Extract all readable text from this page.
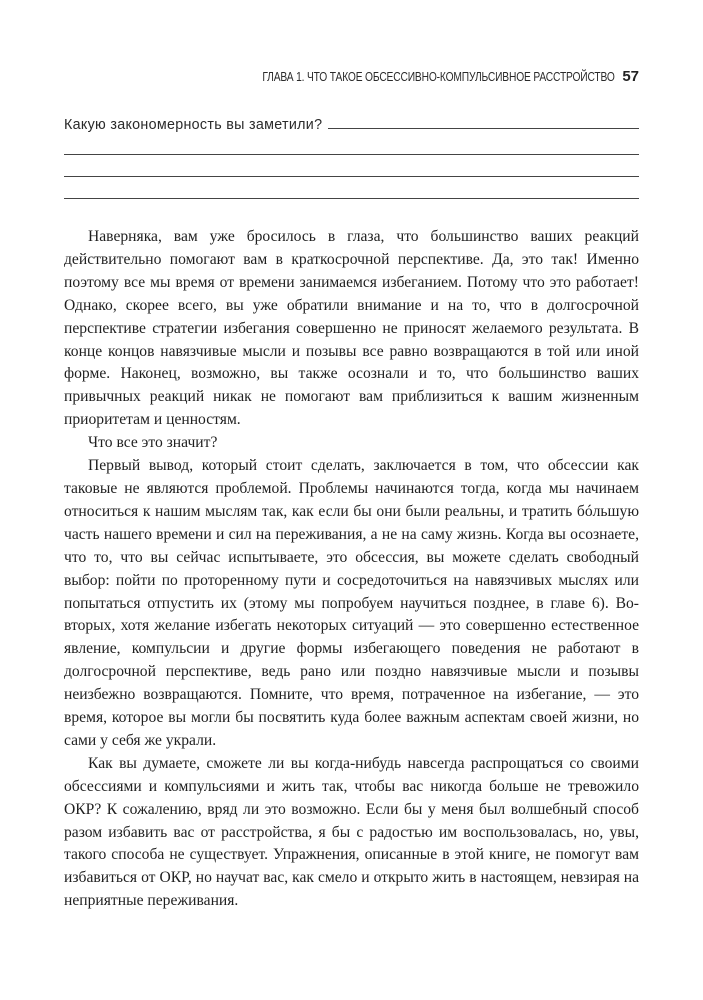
ГЛАВА 1. ЧТО ТАКОЕ ОБСЕССИВНО-КОМПУЛЬСИВНОЕ РАССТРОЙСТВО 57
Какую закономерность вы заметили?

Наверняка, вам уже бросилось в глаза, что большинство ваших реакций действительно помогают вам в краткосрочной перспективе. Да, это так! Именно поэтому все мы время от времени занимаемся избеганием. Потому что это работает! Однако, скорее всего, вы уже обратили внимание и на то, что в долгосрочной перспективе стратегии избегания совершенно не приносят желаемого результата. В конце концов навязчивые мысли и позывы все равно возвращаются в той или иной форме. Наконец, возможно, вы также осознали и то, что большинство ваших привычных реакций никак не помогают вам приблизиться к вашим жизненным приоритетам и ценностям.

Что все это значит?

Первый вывод, который стоит сделать, заключается в том, что обсессии как таковые не являются проблемой. Проблемы начинаются тогда, когда мы начинаем относиться к нашим мыслям так, как если бы они были реальны, и тратить бóльшую часть нашего времени и сил на переживания, а не на саму жизнь. Когда вы осознаете, что то, что вы сейчас испытываете, это обсессия, вы можете сделать свободный выбор: пойти по проторенному пути и сосредоточиться на навязчивых мыслях или попытаться отпустить их (этому мы попробуем научиться позднее, в главе 6). Во-вторых, хотя желание избегать некоторых ситуаций — это совершенно естественное явление, компульсии и другие формы избегающего поведения не работают в долгосрочной перспективе, ведь рано или поздно навязчивые мысли и позывы неизбежно возвращаются. Помните, что время, потраченное на избегание, — это время, которое вы могли бы посвятить куда более важным аспектам своей жизни, но сами у себя же украли.

Как вы думаете, сможете ли вы когда-нибудь навсегда распрощаться со своими обсессиями и компульсиями и жить так, чтобы вас никогда больше не тревожило ОКР? К сожалению, вряд ли это возможно. Если бы у меня был волшебный способ разом избавить вас от расстройства, я бы с радостью им воспользовалась, но, увы, такого способа не существует. Упражнения, описанные в этой книге, не помогут вам избавиться от ОКР, но научат вас, как смело и открыто жить в настоящем, невзирая на неприятные переживания.
